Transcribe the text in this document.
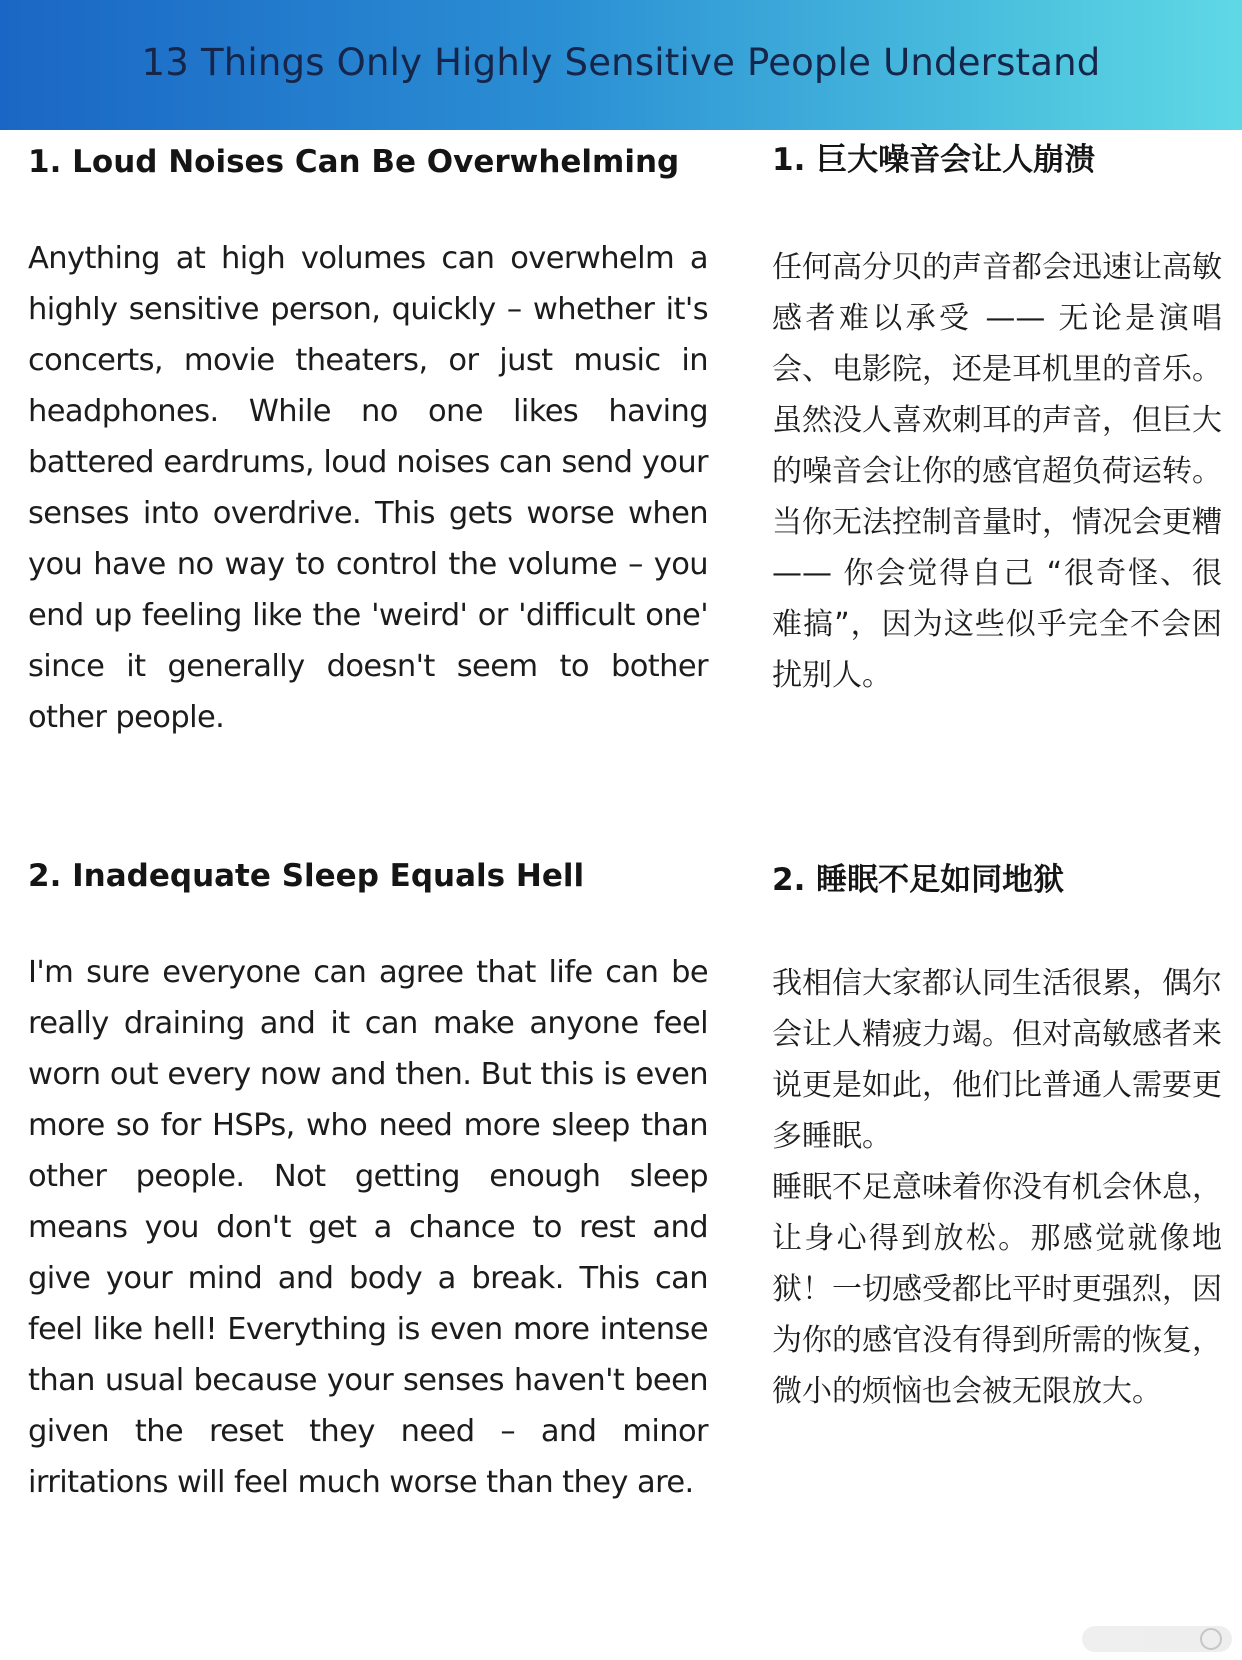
13 Things Only Highly Sensitive People Understand
1. Loud Noises Can Be Overwhelming

Anything at high volumes can overwhelm a highly sensitive person, quickly – whether it's concerts, movie theaters, or just music in headphones. While no one likes having battered eardrums, loud noises can send your senses into overdrive. This gets worse when you have no way to control the volume – you end up feeling like the 'weird' or 'difficult one' since it generally doesn't seem to bother other people.

1. 巨大噪音会让人崩溃

任何高分贝的声音都会迅速让高敏感者难以承受 —— 无论是演唱会、电影院，还是耳机里的音乐。

虽然没人喜欢刺耳的声音，但巨大的噪音会让你的感官超负荷运转。当你无法控制音量时，情况会更糟 —— 你会觉得自己 “很奇怪、很难搞”，因为这些似乎完全不会困扰别人。

2. Inadequate Sleep Equals Hell

I'm sure everyone can agree that life can be really draining and it can make anyone feel worn out every now and then. But this is even more so for HSPs, who need more sleep than other people. Not getting enough sleep means you don't get a chance to rest and give your mind and body a break. This can feel like hell! Everything is even more intense than usual because your senses haven't been given the reset they need – and minor irritations will feel much worse than they are.

2. 睡眠不足如同地狱

我相信大家都认同生活很累，偶尔会让人精疲力竭。但对高敏感者来说更是如此，他们比普通人需要更多睡眠。

睡眠不足意味着你没有机会休息，让身心得到放松。那感觉就像地狱！一切感受都比平时更强烈，因为你的感官没有得到所需的恢复，微小的烦恼也会被无限放大。
